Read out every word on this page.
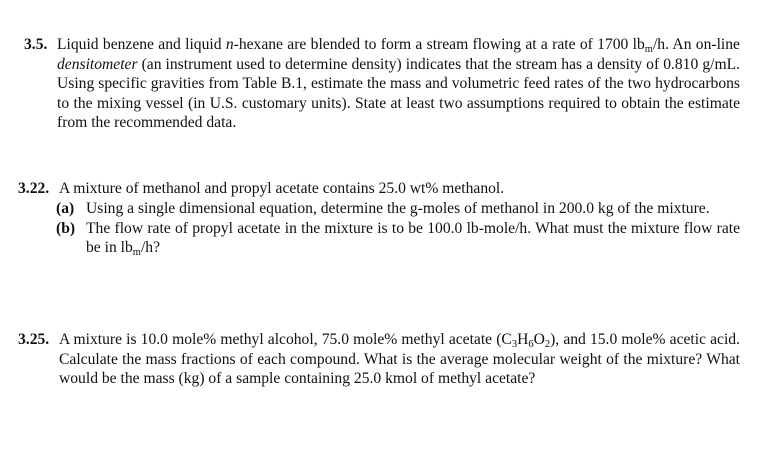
3.5. Liquid benzene and liquid n-hexane are blended to form a stream flowing at a rate of 1700 $lb_m/h$. An on-line densitometer (an instrument used to determine density) indicates that the stream has a density of 0.810 g/mL. Using specific gravities from Table B.1, estimate the mass and volumetric feed rates of the two hydrocarbons to the mixing vessel (in U.S. customary units). State at least two assumptions required to obtain the estimate from the recommended data.
3.22. A mixture of methanol and propyl acetate contains 25.0 wt% methanol.
(a) Using a single dimensional equation, determine the g-moles of methanol in 200.0 kg of the mixture.
(b) The flow rate of propyl acetate in the mixture is to be 100.0 lb-mole/h. What must the mixture flow rate be in $lb_m/h$?
3.25. A mixture is 10.0 mole% methyl alcohol, 75.0 mole% methyl acetate $(C_3H_6O_2)$, and 15.0 mole% acetic acid. Calculate the mass fractions of each compound. What is the average molecular weight of the mixture? What would be the mass (kg) of a sample containing 25.0 kmol of methyl acetate?
